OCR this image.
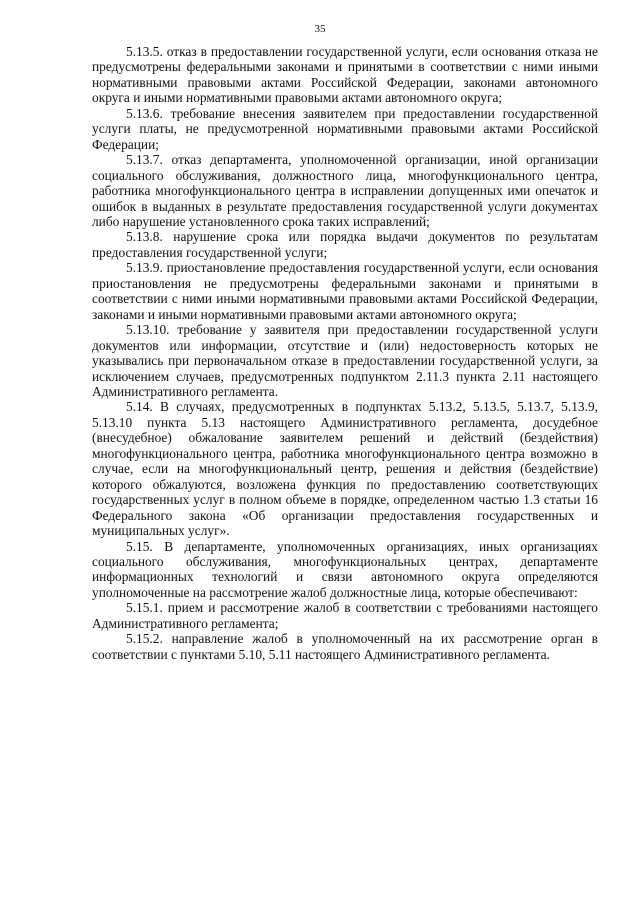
35

5.13.5. отказ в предоставлении государственной услуги, если основания отказа не предусмотрены федеральными законами и принятыми в соответствии с ними иными нормативными правовыми актами Российской Федерации, законами автономного округа и иными нормативными правовыми актами автономного округа;

5.13.6. требование внесения заявителем при предоставлении государственной услуги платы, не предусмотренной нормативными правовыми актами Российской Федерации;

5.13.7. отказ департамента, уполномоченной организации, иной организации социального обслуживания, должностного лица, многофункционального центра, работника многофункционального центра в исправлении допущенных ими опечаток и ошибок в выданных в результате предоставления государственной услуги документах либо нарушение установленного срока таких исправлений;

5.13.8. нарушение срока или порядка выдачи документов по результатам предоставления государственной услуги;

5.13.9. приостановление предоставления государственной услуги, если основания приостановления не предусмотрены федеральными законами и принятыми в соответствии с ними иными нормативными правовыми актами Российской Федерации, законами и иными нормативными правовыми актами автономного округа;

5.13.10. требование у заявителя при предоставлении государственной услуги документов или информации, отсутствие и (или) недостоверность которых не указывались при первоначальном отказе в предоставлении государственной услуги, за исключением случаев, предусмотренных подпунктом 2.11.3 пункта 2.11 настоящего Административного регламента.

5.14. В случаях, предусмотренных в подпунктах 5.13.2, 5.13.5, 5.13.7, 5.13.9, 5.13.10 пункта 5.13 настоящего Административного регламента, досудебное (внесудебное) обжалование заявителем решений и действий (бездействия) многофункционального центра, работника многофункционального центра возможно в случае, если на многофункциональный центр, решения и действия (бездействие) которого обжалуются, возложена функция по предоставлению соответствующих государственных услуг в полном объеме в порядке, определенном частью 1.3 статьи 16 Федерального закона «Об организации предоставления государственных и муниципальных услуг».

5.15. В департаменте, уполномоченных организациях, иных организациях социального обслуживания, многофункциональных центрах, департаменте информационных технологий и связи автономного округа определяются уполномоченные на рассмотрение жалоб должностные лица, которые обеспечивают:

5.15.1. прием и рассмотрение жалоб в соответствии с требованиями настоящего Административного регламента;

5.15.2. направление жалоб в уполномоченный на их рассмотрение орган в соответствии с пунктами 5.10, 5.11 настоящего Административного регламента.
